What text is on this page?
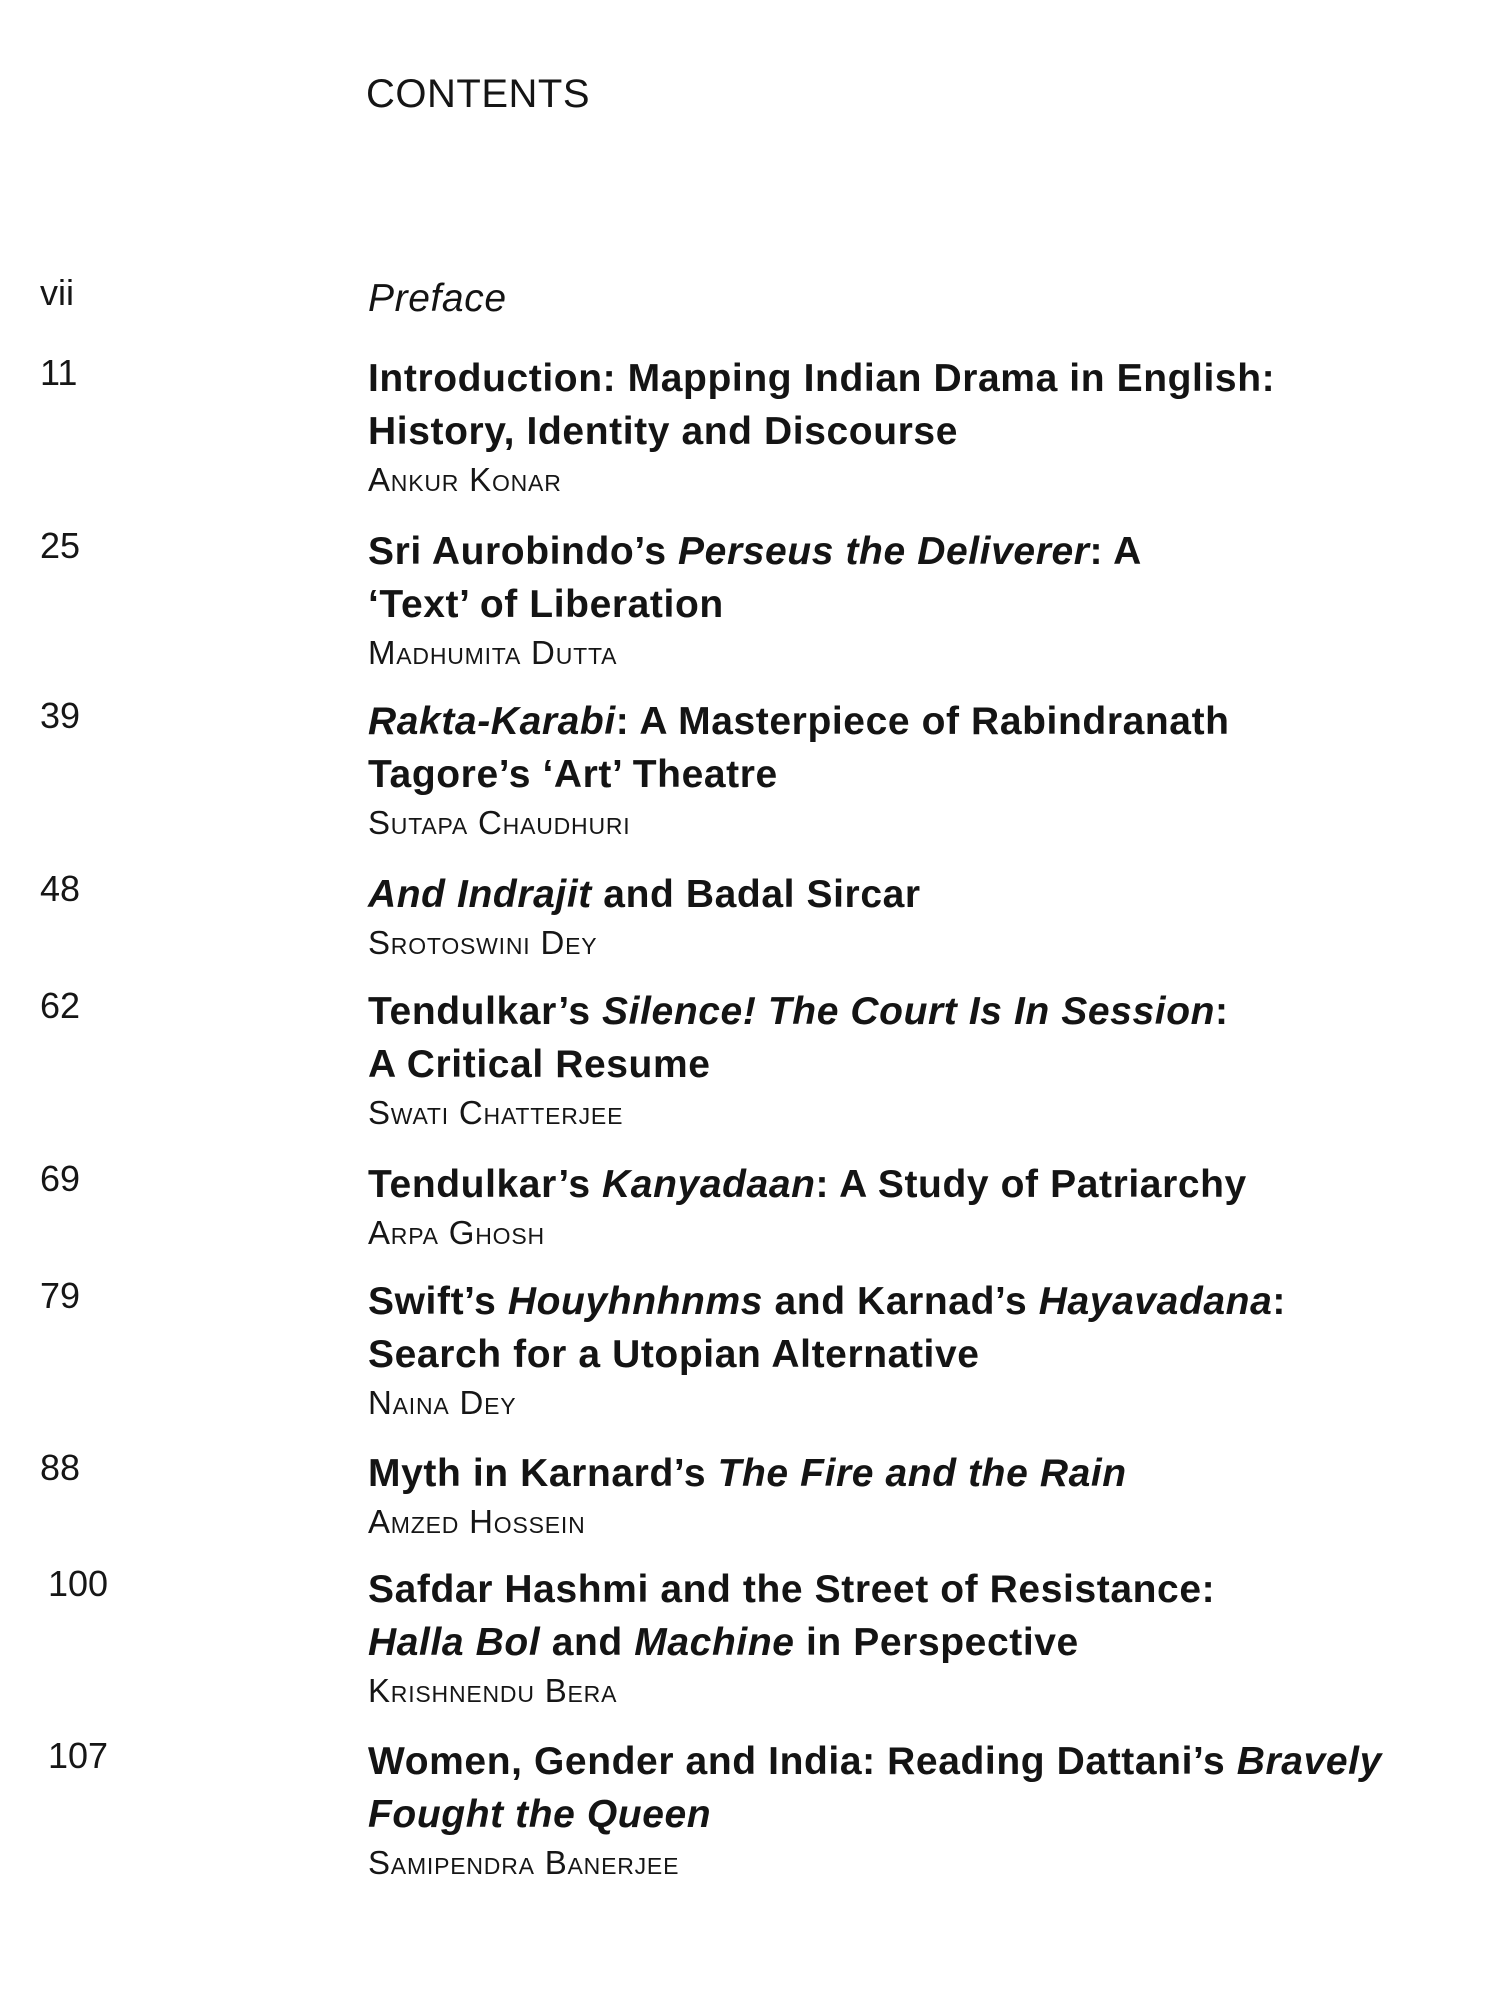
CONTENTS
vii	Preface
11	Introduction: Mapping Indian Drama in English:
History, Identity and Discourse
Ankur Konar
25	Sri Aurobindo’s Perseus the Deliverer: A
‘Text’ of Liberation
Madhumita Dutta
39	Rakta-Karabi: A Masterpiece of Rabindranath
Tagore’s ‘Art’ Theatre
Sutapa Chaudhuri
48	And Indrajit and Badal Sircar
Srotoswini Dey
62	Tendulkar’s Silence! The Court Is In Session:
A Critical Resume
Swati Chatterjee
69	Tendulkar’s Kanyadaan: A Study of Patriarchy
Arpa Ghosh
79	Swift’s Houyhnhnms and Karnad’s Hayavadana:
Search for a Utopian Alternative
Naina Dey
88	Myth in Karnard’s The Fire and the Rain
Amzed Hossein
100	Safdar Hashmi and the Street of Resistance:
Halla Bol and Machine in Perspective
Krishnendu Bera
107	Women, Gender and India: Reading Dattani’s Bravely
Fought the Queen
Samipendra Banerjee
